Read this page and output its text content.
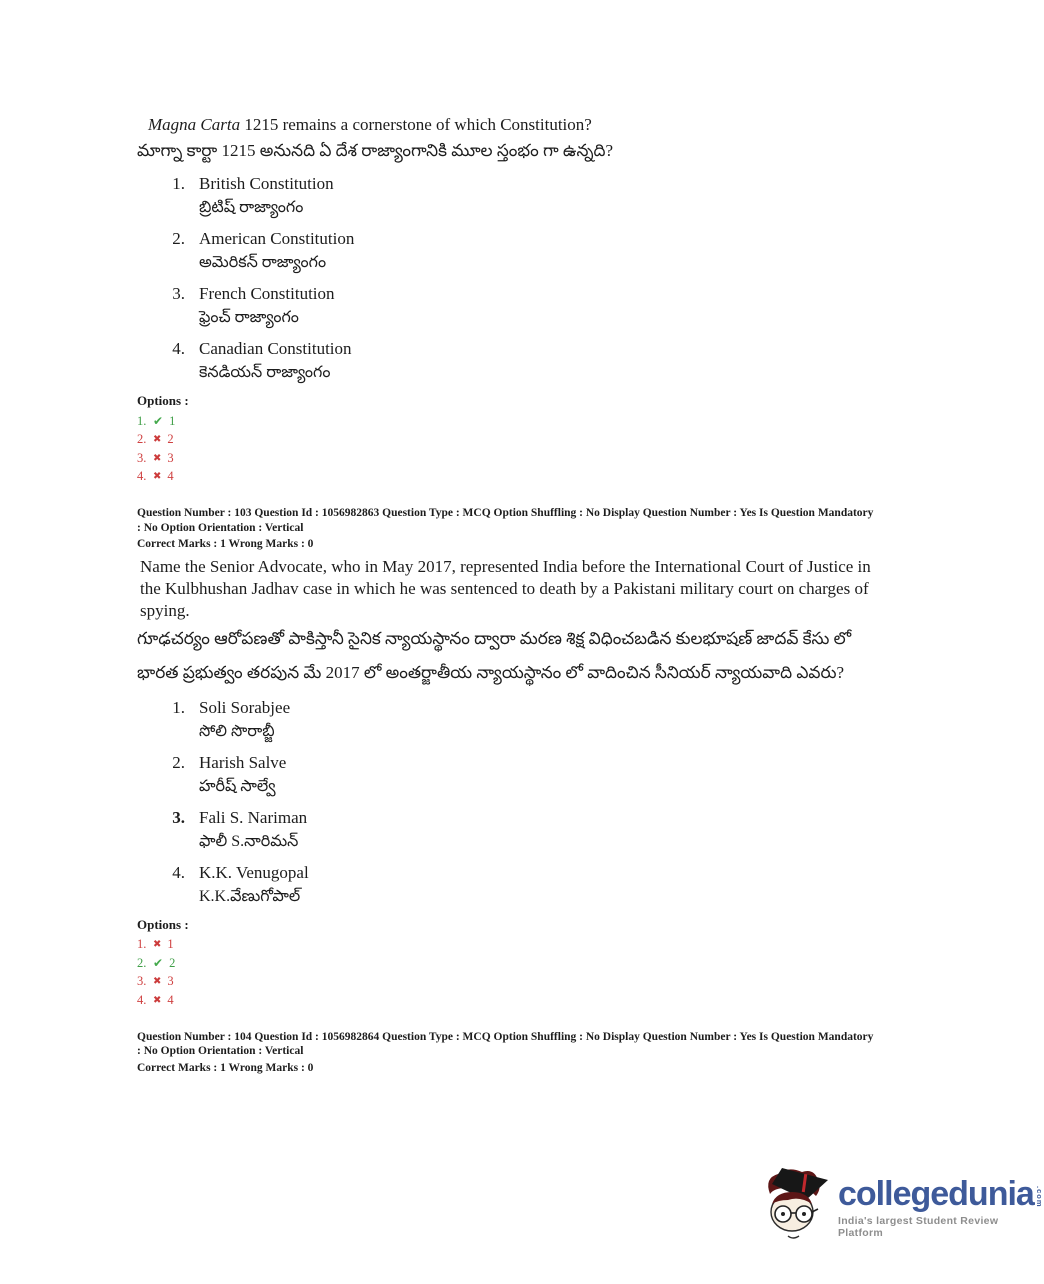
Magna Carta 1215 remains a cornerstone of which Constitution?
మాగ్నా కార్టా 1215 అనునది ఏ దేశ రాజ్యాంగానికి మూల స్తంభం గా ఉన్నది?
1. British Constitution
బ్రిటిష్ రాజ్యాంగం
2. American Constitution
అమెరికన్ రాజ్యాంగం
3. French Constitution
ఫ్రెంచ్ రాజ్యాంగం
4. Canadian Constitution
కెనడియన్ రాజ్యాంగం
Options :
1. ✔ 1
2. ✖ 2
3. ✖ 3
4. ✖ 4
Question Number : 103 Question Id : 1056982863 Question Type : MCQ Option Shuffling : No Display Question Number : Yes Is Question Mandatory : No Option Orientation : Vertical
Correct Marks : 1 Wrong Marks : 0
Name the Senior Advocate, who in May 2017, represented India before the International Court of Justice in the Kulbhushan Jadhav case in which he was sentenced to death by a Pakistani military court on charges of spying.
గూఢచర్యం ఆరోపణతో పాకిస్తానీ సైనిక న్యాయస్థానం ద్వారా మరణ శిక్ష విధించబడిన కులభూషణ్ జాదవ్ కేసు లో భారత ప్రభుత్వం తరపున మే 2017 లో అంతర్జాతీయ న్యాయస్థానం లో వాదించిన సీనియర్ న్యాయవాది ఎవరు?
1. Soli Sorabjee
సోలి సొరాబ్జీ
2. Harish Salve
హరీష్ సాల్వే
3. Fali S. Nariman
ఫాలీ S.నారిమన్
4. K.K. Venugopal
K.K.వేణుగోపాల్
Options :
1. ✖ 1
2. ✔ 2
3. ✖ 3
4. ✖ 4
Question Number : 104 Question Id : 1056982864 Question Type : MCQ Option Shuffling : No Display Question Number : Yes Is Question Mandatory : No Option Orientation : Vertical
Correct Marks : 1 Wrong Marks : 0
collegedunia .com
India's largest Student Review Platform
